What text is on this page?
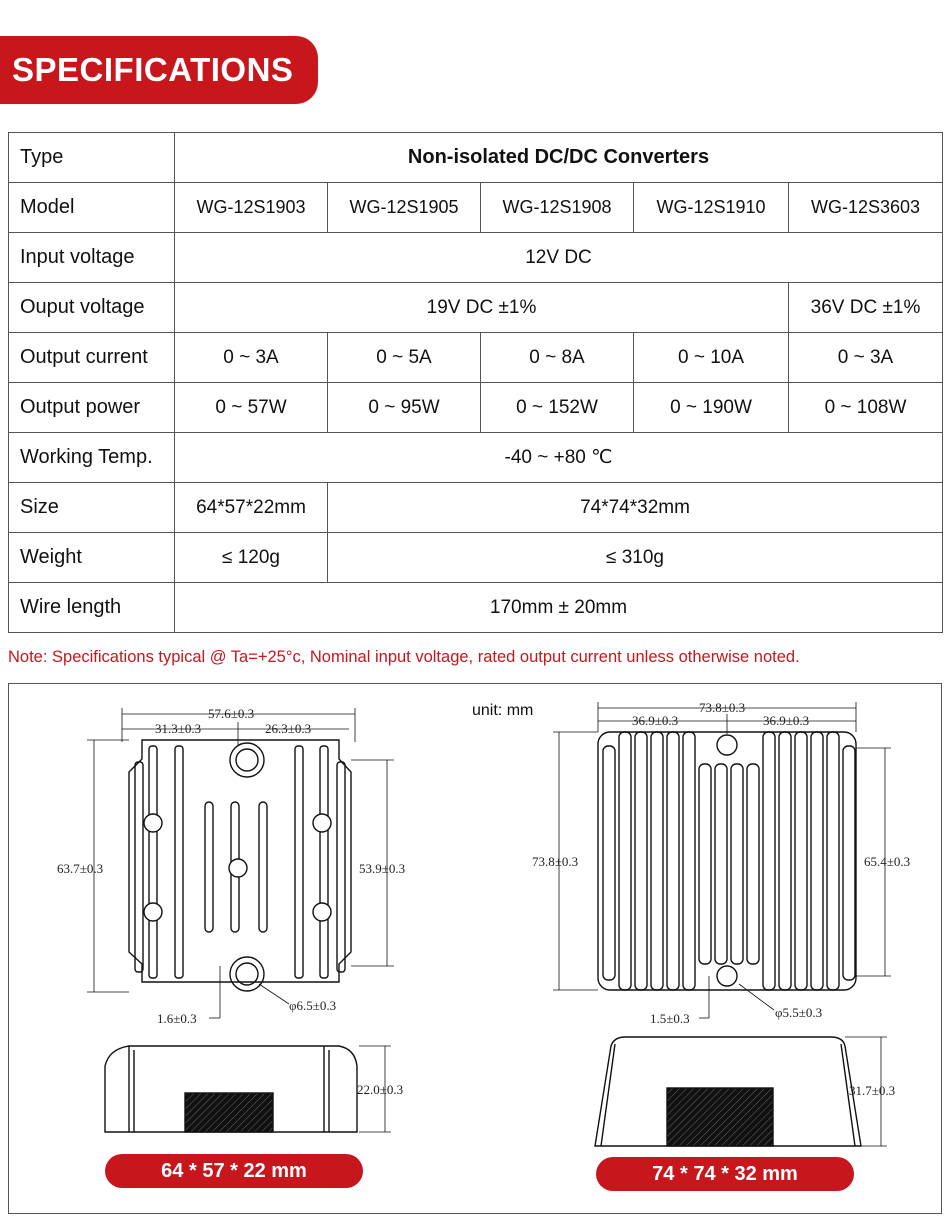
SPECIFICATIONS
Type	Non-isolated DC/DC Converters				
Model	WG-12S1903	WG-12S1905	WG-12S1908	WG-12S1910	WG-12S3603
Input voltage	12V DC				
Ouput voltage	19V DC ±1%				36V DC ±1%
Output current	0 ~ 3A	0 ~ 5A	0 ~ 8A	0 ~ 10A	0 ~ 3A
Output power	0 ~ 57W	0 ~ 95W	0 ~ 152W	0 ~ 190W	0 ~ 108W
Working Temp.	-40 ~ +80 ℃				
Size	64*57*22mm	74*74*32mm			
Weight	≤ 120g	≤ 310g			
Wire length	170mm ± 20mm				
Note: Specifications typical @ Ta=+25°c, Nominal input voltage, rated output current unless otherwise noted.
unit: mm
57.6±0.3
31.3±0.3	26.3±0.3
63.7±0.3	53.9±0.3
1.6±0.3
φ6.5±0.3
22.0±0.3
73.8±0.3
36.9±0.3	36.9±0.3
73.8±0.3	65.4±0.3
1.5±0.3	φ5.5±0.3
31.7±0.3
64 * 57 * 22 mm	74 * 74 * 32 mm
